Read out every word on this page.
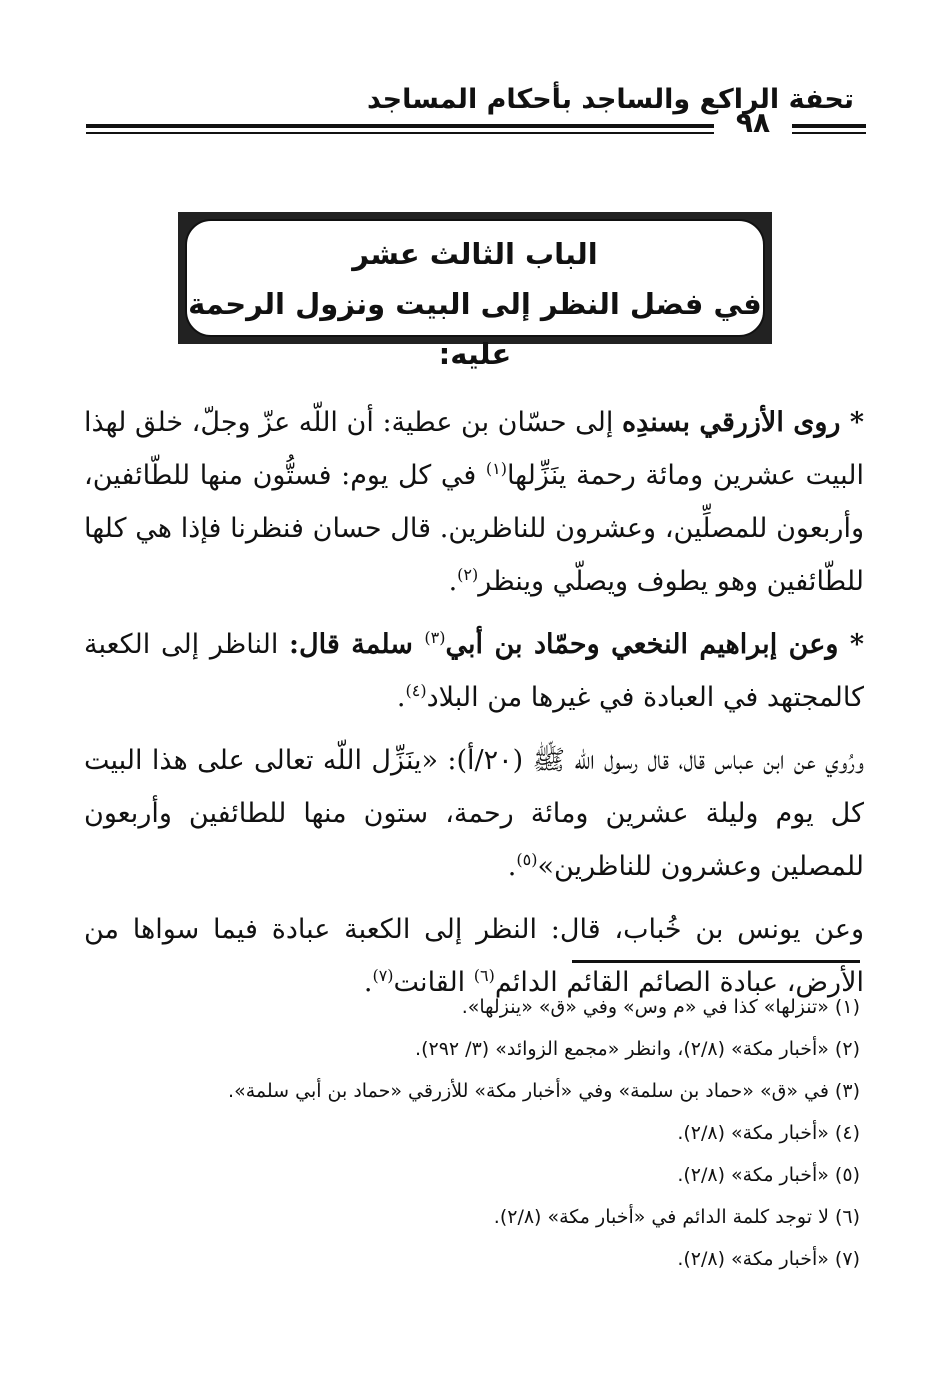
تحفة الراكع والساجد بأحكام المساجد
٩٨
الباب الثالث عشر
في فضل النظر إلى البيت ونزول الرحمة عليه:

* روى الأزرقي بسندِه إلى حسّان بن عطية: أن اللّه عزّ وجلّ، خلق لهذا البيت عشرين ومائة رحمة ينَزِّلها$^{(١)}$ في كل يوم: فستُّون منها للطّائفين، وأربعون للمصلِّين، وعشرون للناظرين. قال حسان فنظرنا فإذا هي كلها للطّائفين وهو يطوف ويصلّي وينظر$^{(٢)}$.

* وعن إبراهيم النخعي وحمّاد بن أبي$^{(٣)}$ سلمة قال: الناظر إلى الكعبة كالمجتهد في العبادة في غيرها من البلاد$^{(٤)}$.

ورُوي عن ابن عباس قال، قال رسول اللّه ﷺ (٢٠/أ): «ينَزِّل اللّه تعالى على هذا البيت كل يوم وليلة عشرين ومائة رحمة، ستون منها للطائفين وأربعون للمصلين وعشرون للناظرين»$^{(٥)}$.

وعن يونس بن خُباب، قال: النظر إلى الكعبة عبادة فيما سواها من الأرض، عبادة الصائم القائم الدائم$^{(٦)}$ القانت$^{(٧)}$.

(١) «تنزلها» كذا في «م وس» وفي «ق» «ينزلها».
(٢) «أخبار مكة» (٢/٨)، وانظر «مجمع الزوائد» (٣/ ٢٩٢).
(٣) في «ق» «حماد بن سلمة» وفي «أخبار مكة» للأزرقي «حماد بن أبي سلمة».
(٤) «أخبار مكة» (٢/٨).
(٥) «أخبار مكة» (٢/٨).
(٦) لا توجد كلمة الدائم في «أخبار مكة» (٢/٨).
(٧) «أخبار مكة» (٢/٨).
